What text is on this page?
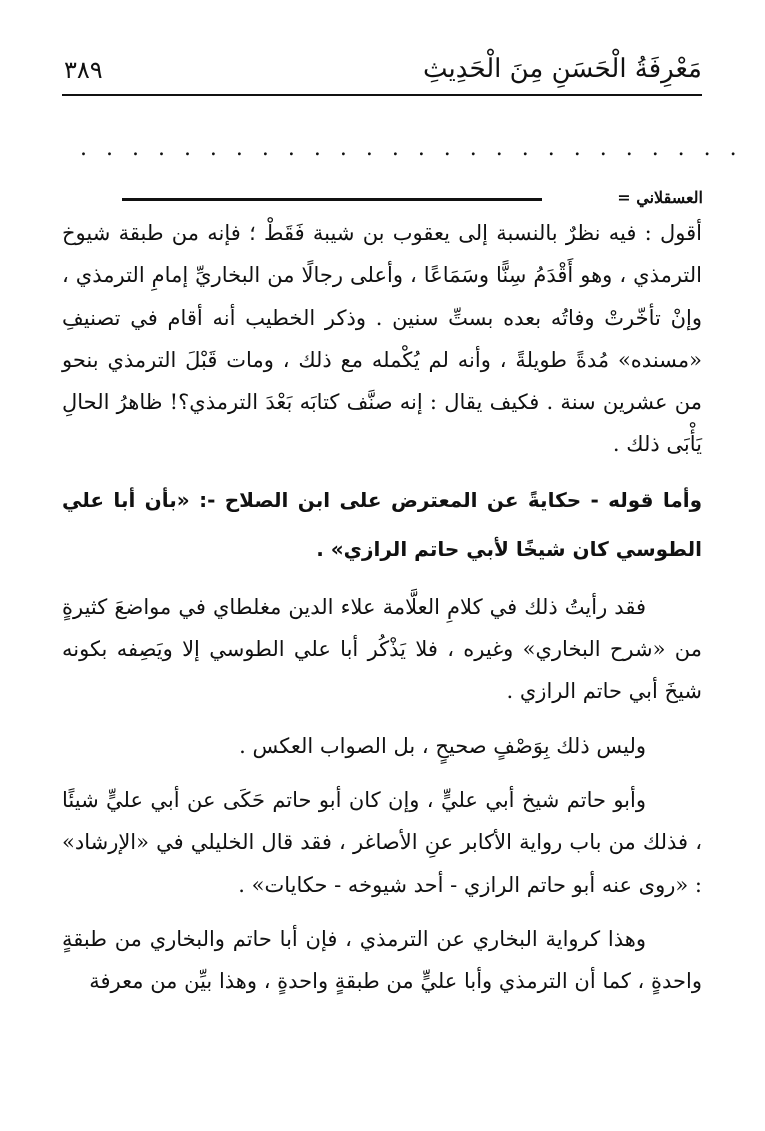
مَعْرِفَةُ الْحَسَنِ مِنَ الْحَدِيثِ
٣٨٩
. . . . . . . . . . . . . . . . . . . . . . . . . .
العسقلاني =

أقول : فيه نظرٌ بالنسبة إلى يعقوب بن شيبة فَقَطْ ؛ فإنه من طبقة شيوخ الترمذي ، وهو أَقْدَمُ سِنًّا وسَمَاعًا ، وأعلى رجالًا من البخاريِّ إمامِ الترمذي ، وإنْ تأخّرتْ وفاتُه بعده بستِّ سنين . وذكر الخطيب أنه أقام في تصنيفِ «مسنده» مُدةً طويلةً ، وأنه لم يُكْمله مع ذلك ، ومات قَبْلَ الترمذي بنحو من عشرين سنة . فكيف يقال : إنه صنَّف كتابَه بَعْدَ الترمذي؟! ظاهرُ الحالِ يَأْبَى ذلك .

وأما قوله - حكايةً عن المعترض على ابن الصلاح -: «بأن أبا علي الطوسي كان شيخًا لأبي حاتم الرازي» .

فقد رأيتُ ذلك في كلامِ العلَّامة علاء الدين مغلطاي في مواضعَ كثيرةٍ من «شرح البخاري» وغيره ، فلا يَذْكُر أبا علي الطوسي إلا ويَصِفه بكونه شيخَ أبي حاتم الرازي .

وليس ذلك بِوَصْفٍ صحيحٍ ، بل الصواب العكس .

وأبو حاتم شيخ أبي عليٍّ ، وإن كان أبو حاتم حَكَى عن أبي عليٍّ شيئًا ، فذلك من باب رواية الأكابر عنِ الأصاغر ، فقد قال الخليلي في «الإرشاد» : «روى عنه أبو حاتم الرازي - أحد شيوخه - حكايات» .

وهذا كرواية البخاري عن الترمذي ، فإن أبا حاتم والبخاري من طبقةٍ واحدةٍ ، كما أن الترمذي وأبا عليٍّ من طبقةٍ واحدةٍ ، وهذا بيِّن من معرفة
